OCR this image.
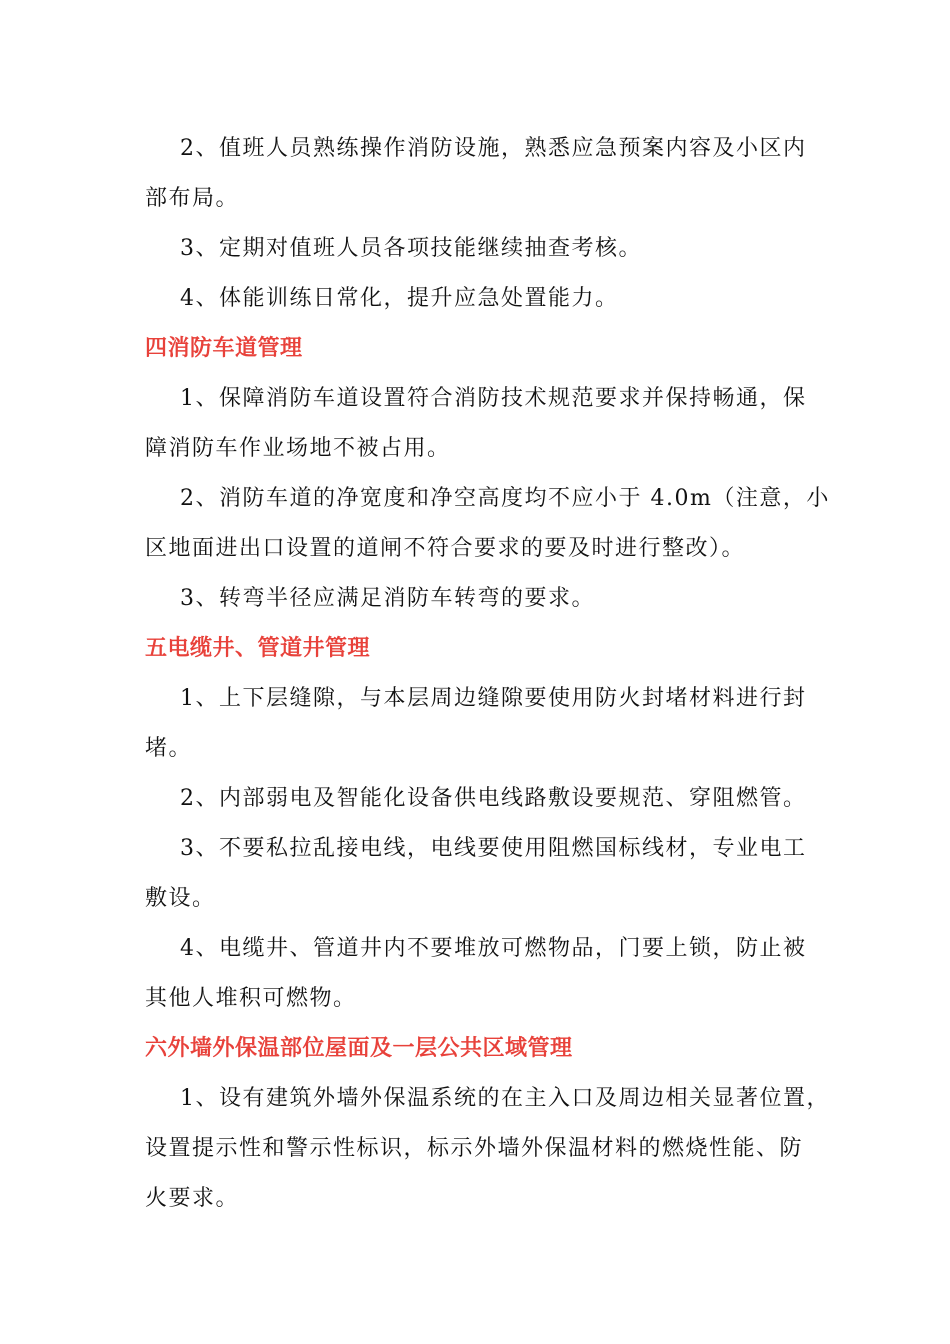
2、值班人员熟练操作消防设施，熟悉应急预案内容及小区内
部布局。
3、定期对值班人员各项技能继续抽查考核。
4、体能训练日常化，提升应急处置能力。
四消防车道管理
1、保障消防车道设置符合消防技术规范要求并保持畅通，保
障消防车作业场地不被占用。
2、消防车道的净宽度和净空高度均不应小于 4.0m（注意，小
区地面进出口设置的道闸不符合要求的要及时进行整改）。
3、转弯半径应满足消防车转弯的要求。
五电缆井、管道井管理
1、上下层缝隙，与本层周边缝隙要使用防火封堵材料进行封
堵。
2、内部弱电及智能化设备供电线路敷设要规范、穿阻燃管。
3、不要私拉乱接电线，电线要使用阻燃国标线材，专业电工
敷设。
4、电缆井、管道井内不要堆放可燃物品，门要上锁，防止被
其他人堆积可燃物。
六外墙外保温部位屋面及一层公共区域管理
1、设有建筑外墙外保温系统的在主入口及周边相关显著位置，
设置提示性和警示性标识，标示外墙外保温材料的燃烧性能、防
火要求。
